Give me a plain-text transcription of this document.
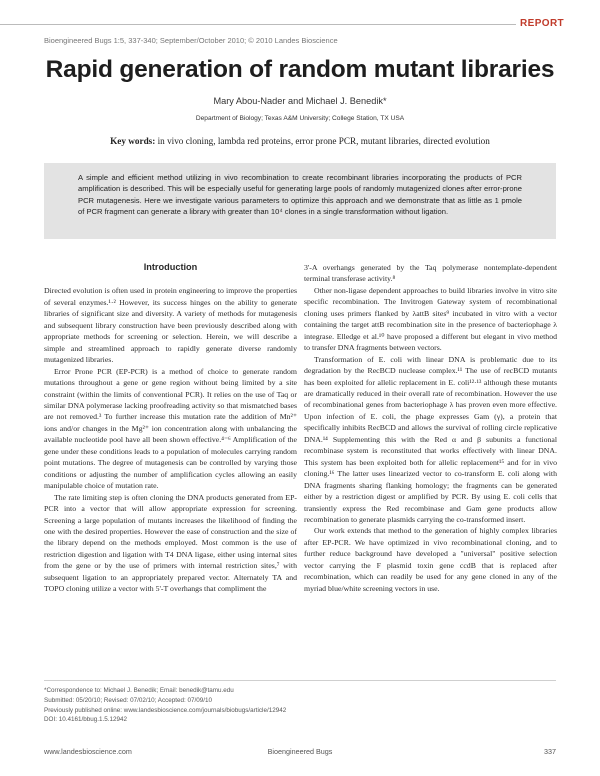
REPORT
Bioengineered Bugs 1:5, 337-340; September/October 2010; © 2010 Landes Bioscience
Rapid generation of random mutant libraries
Mary Abou-Nader and Michael J. Benedik*
Department of Biology; Texas A&M University; College Station, TX USA
Key words: in vivo cloning, lambda red proteins, error prone PCR, mutant libraries, directed evolution
A simple and efficient method utilizing in vivo recombination to create recombinant libraries incorporating the products of PCR amplification is described. This will be especially useful for generating large pools of randomly mutagenized clones after error-prone PCR mutagenesis. Here we investigate various parameters to optimize this approach and we demonstrate that as little as 1 pmole of PCR fragment can generate a library with greater than 10⁴ clones in a single transformation without ligation.
Introduction

Directed evolution is often used in protein engineering to improve the properties of several enzymes.¹·² However, its success hinges on the ability to generate libraries of significant size and diversity. A variety of methods for mutagenesis and subsequent library construction have been previously described along with appropriate methods for screening or selection. Herein, we will describe a simple and streamlined approach to rapidly generate diverse randomly mutagenized libraries.

Error Prone PCR (EP-PCR) is a method of choice to generate random mutations throughout a gene or gene region without being limited by a site constraint (within the limits of conventional PCR). It relies on the use of Taq or similar DNA polymerase lacking proofreading activity so that mismatched bases are not removed.³ To further increase this mutation rate the addition of Mn²⁺ ions and/or changes in the Mg²⁺ ion concentration along with unbalancing the available nucleotide pool have all been shown effective.⁴⁻⁶ Amplification of the gene under these conditions leads to a population of molecules carrying random point mutations. The degree of mutagenesis can be controlled by varying those conditions or adjusting the number of amplification cycles allowing an easily manipulable choice of mutation rate.

The rate limiting step is often cloning the DNA products generated from EP-PCR into a vector that will allow appropriate expression for screening. Screening a large population of mutants increases the likelihood of finding the one with the desired properties. However the ease of construction and the size of the library depend on the methods employed. Most common is the use of restriction digestion and ligation with T4 DNA ligase, either using internal sites from the gene or by the use of primers with internal restriction sites,⁷ with subsequent ligation to an appropriately prepared vector. Alternately TA and TOPO cloning utilize a vector with 5'-T overhangs that compliment the

3'-A overhangs generated by the Taq polymerase nontemplate-dependent terminal transferase activity.⁸

Other non-ligase dependent approaches to build libraries involve in vitro site specific recombination. The Invitrogen Gateway system of recombinational cloning uses primers flanked by λattB sites⁹ incubated in vitro with a vector containing the target attB recombination site in the presence of bacteriophage λ integrase. Elledge et al.¹⁰ have proposed a different but elegant in vivo method to transfer DNA fragments between vectors.

Transformation of E. coli with linear DNA is problematic due to its degradation by the RecBCD nuclease complex.¹¹ The use of recBCD mutants has been exploited for allelic replacement in E. coli¹²·¹³ although these mutants are dramatically reduced in their overall rate of recombination. However the use of recombinational genes from bacteriophage λ has proven even more effective. Upon infection of E. coli, the phage expresses Gam (γ), a protein that specifically inhibits RecBCD and allows the survival of rolling circle replicative DNA.¹⁴ Supplementing this with the Red α and β subunits a functional recombinase system is reconstituted that works effectively with linear DNA. This system has been exploited both for allelic replacement¹⁵ and for in vivo cloning.¹⁶ The latter uses linearized vector to co-transform E. coli along with DNA fragments sharing flanking homology; the fragments can be generated either by a restriction digest or amplified by PCR. By using E. coli cells that transiently express the Red recombinase and Gam gene products allow recombination to generate plasmids carrying the co-transformed insert.

Our work extends that method to the generation of highly complex libraries after EP-PCR. We have optimized in vivo recombinational cloning, and to further reduce background have developed a "universal" positive selection vector carrying the F plasmid toxin gene ccdB that is replaced after recombination, which can readily be used for any gene cloned in any of the myriad blue/white screening vectors in use.

*Correspondence to: Michael J. Benedik; Email: benedik@tamu.edu
Submitted: 05/20/10; Revised: 07/02/10; Accepted: 07/09/10
Previously published online: www.landesbioscience.com/journals/biobugs/article/12942
DOI: 10.4161/bbug.1.5.12942
www.landesbioscience.com	Bioengineered Bugs	337
